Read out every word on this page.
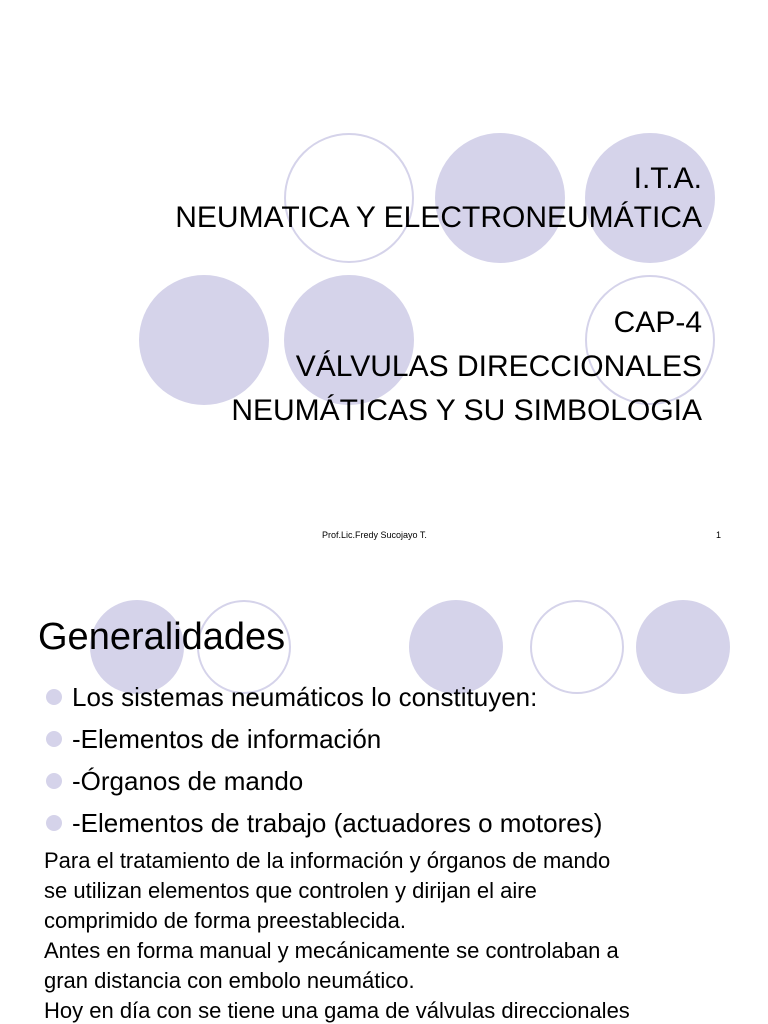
I.T.A.
NEUMATICA Y ELECTRONEUMÁTICA
CAP-4
VÁLVULAS DIRECCIONALES
NEUMÁTICAS Y SU SIMBOLOGIA
Prof.Lic.Fredy Sucojayo T.	1
Generalidades
Los sistemas neumáticos lo constituyen:
-Elementos de información
-Órganos de mando
-Elementos de trabajo (actuadores o motores)

Para el tratamiento de la información y órganos de mando

se utilizan elementos que controlen y dirijan el aire

comprimido de forma preestablecida.

Antes en forma manual y mecánicamente se controlaban a

gran distancia con embolo neumático.

Hoy en día con se tiene una gama de válvulas direccionales
